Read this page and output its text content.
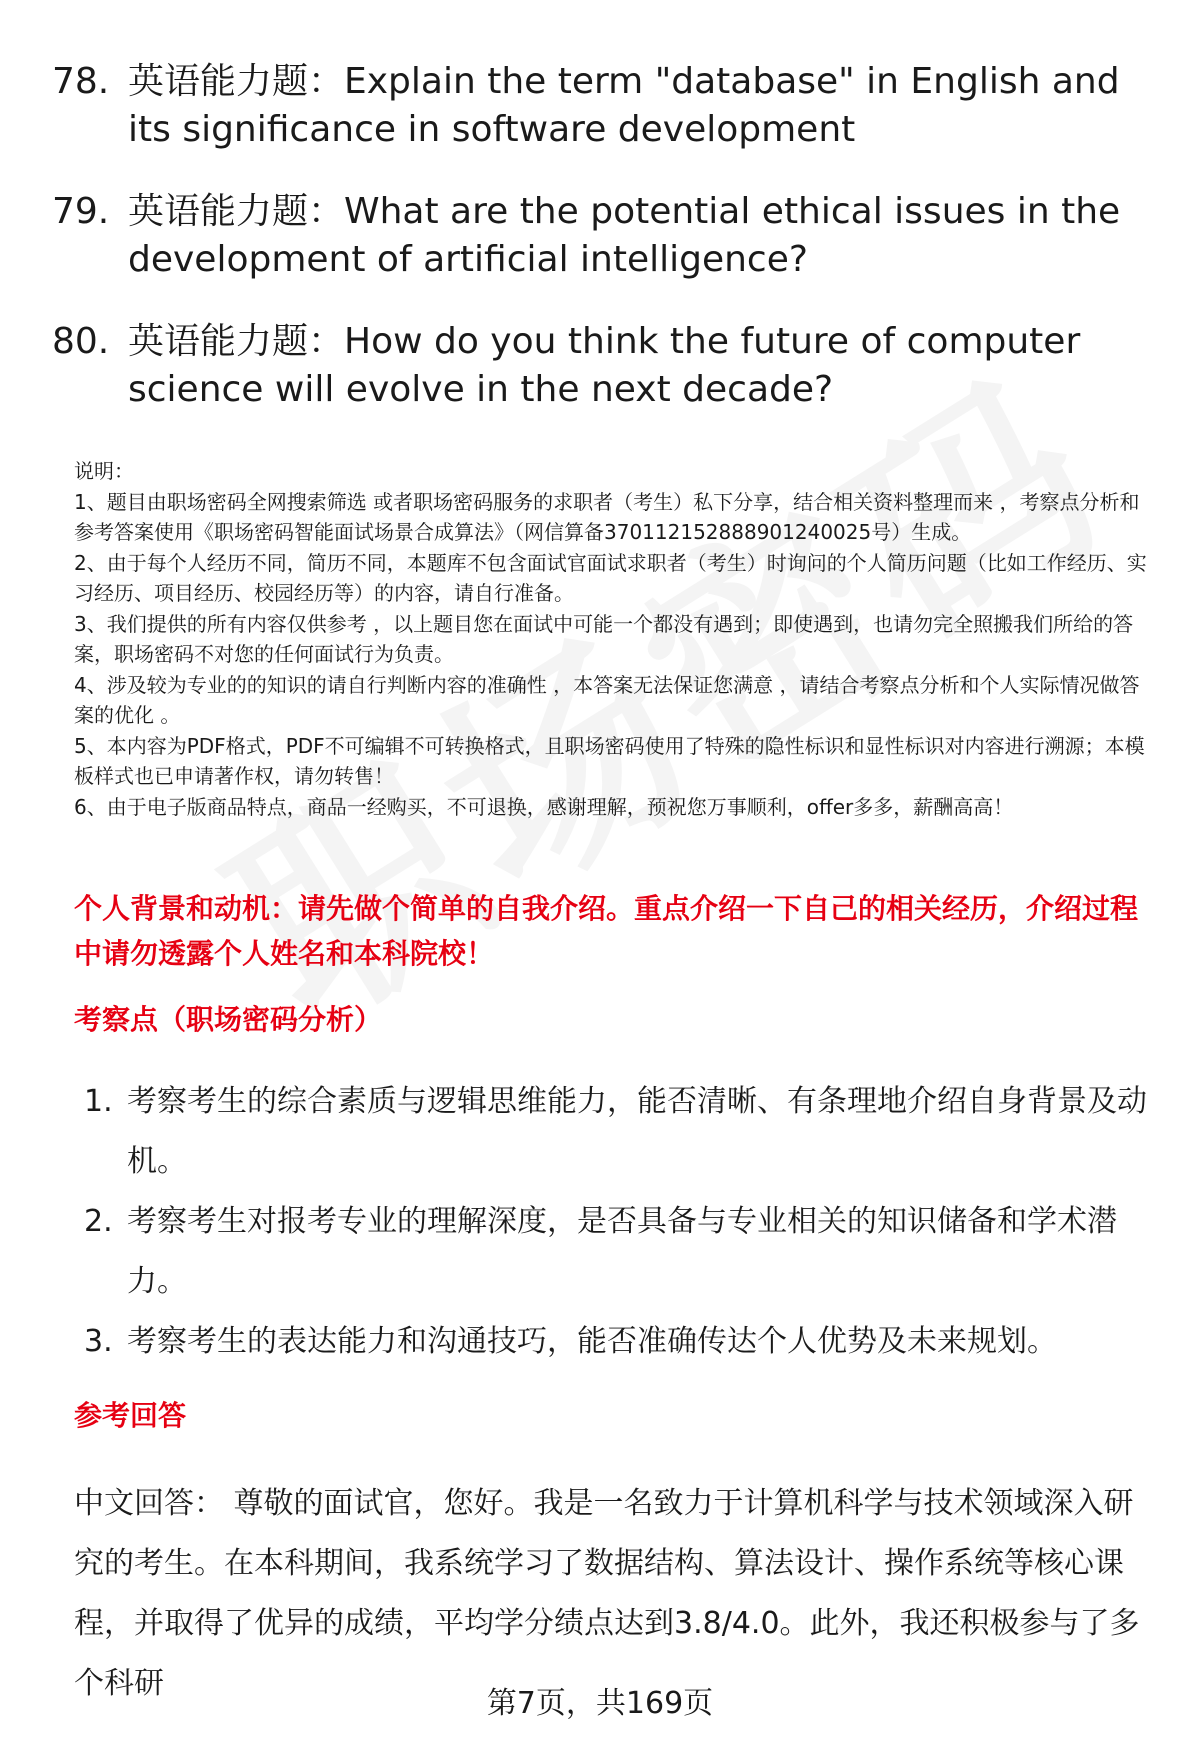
78. 英语能力题：Explain the term "database" in English and its significance in software development
79. 英语能力题：What are the potential ethical issues in the development of artificial intelligence?
80. 英语能力题：How do you think the future of computer science will evolve in the next decade?

说明：

1、题目由职场密码全网搜索筛选 或者职场密码服务的求职者（考生）私下分享，结合相关资料整理而来 ，考察点分析和参考答案使用《职场密码智能面试场景合成算法》（网信算备370112152888901240025号）生成。

2、由于每个人经历不同，简历不同，本题库不包含面试官面试求职者（考生）时询问的个人简历问题（比如工作经历、实习经历、项目经历、校园经历等）的内容，请自行准备。

3、我们提供的所有内容仅供参考 ，以上题目您在面试中可能一个都没有遇到；即使遇到，也请勿完全照搬我们所给的答案，职场密码不对您的任何面试行为负责。

4、涉及较为专业的的知识的请自行判断内容的准确性 ，本答案无法保证您满意 ，请结合考察点分析和个人实际情况做答案的优化 。

5、本内容为PDF格式，PDF不可编辑不可转换格式，且职场密码使用了特殊的隐性标识和显性标识对内容进行溯源；本模板样式也已申请著作权，请勿转售！

6、由于电子版商品特点，商品一经购买，不可退换，感谢理解，预祝您万事顺利，offer多多，薪酬高高！

个人背景和动机：请先做个简单的自我介绍。重点介绍一下自己的相关经历，介绍过程中请勿透露个人姓名和本科院校！
考察点（职场密码分析）
1. 考察考生的综合素质与逻辑思维能力，能否清晰、有条理地介绍自身背景及动机。
2. 考察考生对报考专业的理解深度，是否具备与专业相关的知识储备和学术潜力。
3. 考察考生的表达能力和沟通技巧，能否准确传达个人优势及未来规划。
参考回答
中文回答： 尊敬的面试官，您好。我是一名致力于计算机科学与技术领域深入研究的考生。在本科期间，我系统学习了数据结构、算法设计、操作系统等核心课程，并取得了优异的成绩，平均学分绩点达到3.8/4.0。此外，我还积极参与了多个科研
第7页，共169页
